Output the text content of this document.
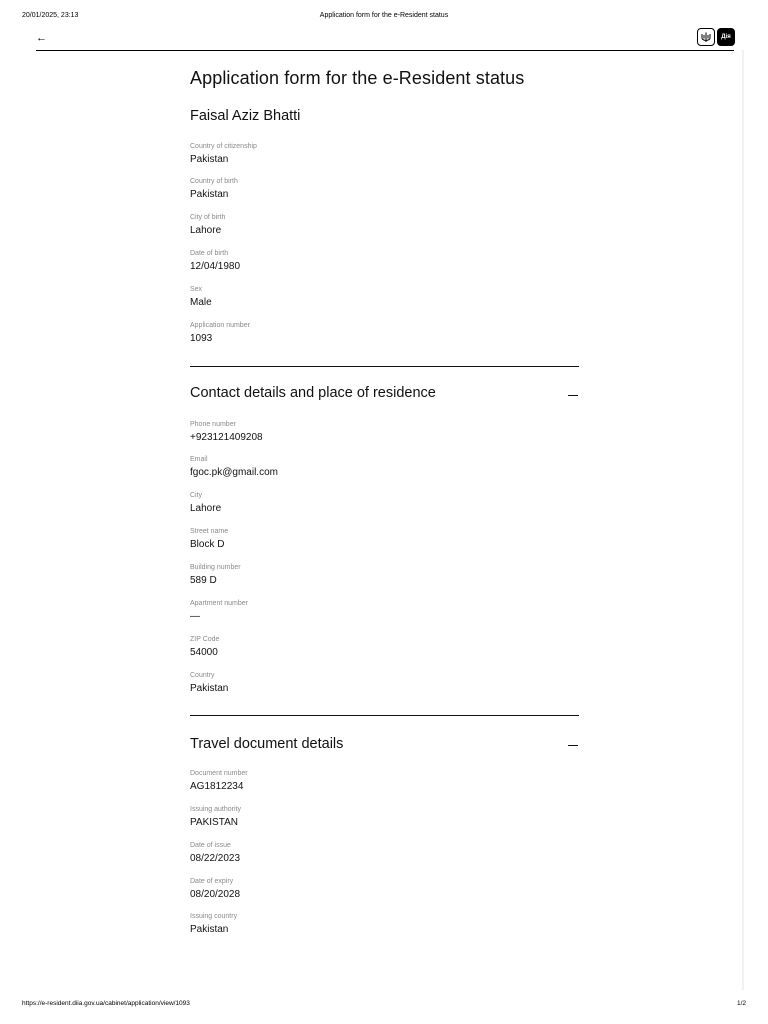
20/01/2025, 23:13	Application form for the e-Resident status
←	Дія
Application form for the e-Resident status
Faisal Aziz Bhatti
Country of citizenship
Pakistan
Country of birth
Pakistan
City of birth
Lahore
Date of birth
12/04/1980
Sex
Male
Application number
1093
Contact details and place of residence
Phone number
+923121409208
Email
fgoc.pk@gmail.com
City
Lahore
Street name
Block D
Building number
589 D
Apartment number
—
ZIP Code
54000
Country
Pakistan
Travel document details
Document number
AG1812234
Issuing authority
PAKISTAN
Date of issue
08/22/2023
Date of expiry
08/20/2028
Issuing country
Pakistan
https://e-resident.diia.gov.ua/cabinet/application/view/1093	1/2
